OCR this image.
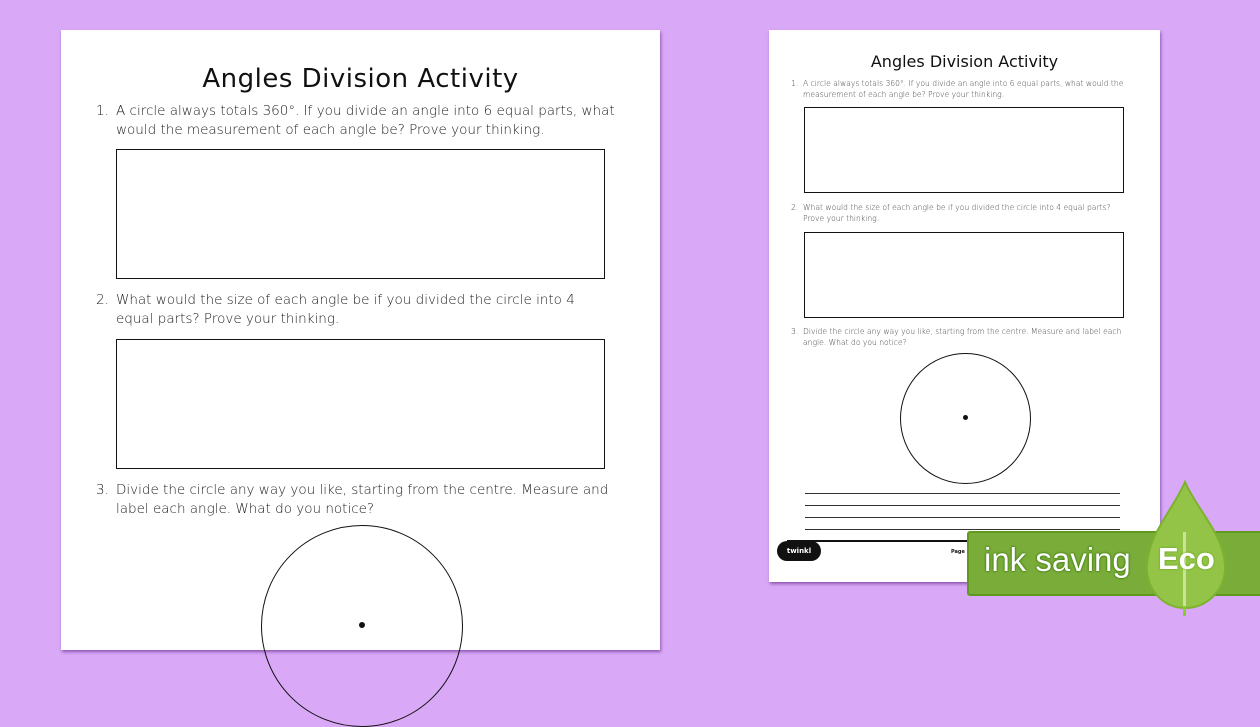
Angles Division Activity
1. A circle always totals 360°. If you divide an angle into 6 equal parts, what would the measurement of each angle be? Prove your thinking.
2. What would the size of each angle be if you divided the circle into 4 equal parts? Prove your thinking.
3. Divide the circle any way you like, starting from the centre. Measure and label each angle. What do you notice?
Angles Division Activity
1. A circle always totals 360°. If you divide an angle into 6 equal parts, what would the measurement of each angle be? Prove your thinking.
2. What would the size of each angle be if you divided the circle into 4 equal parts? Prove your thinking.
3. Divide the circle any way you like, starting from the centre. Measure and label each angle. What do you notice?
twinkl	Page ink saving Eco
